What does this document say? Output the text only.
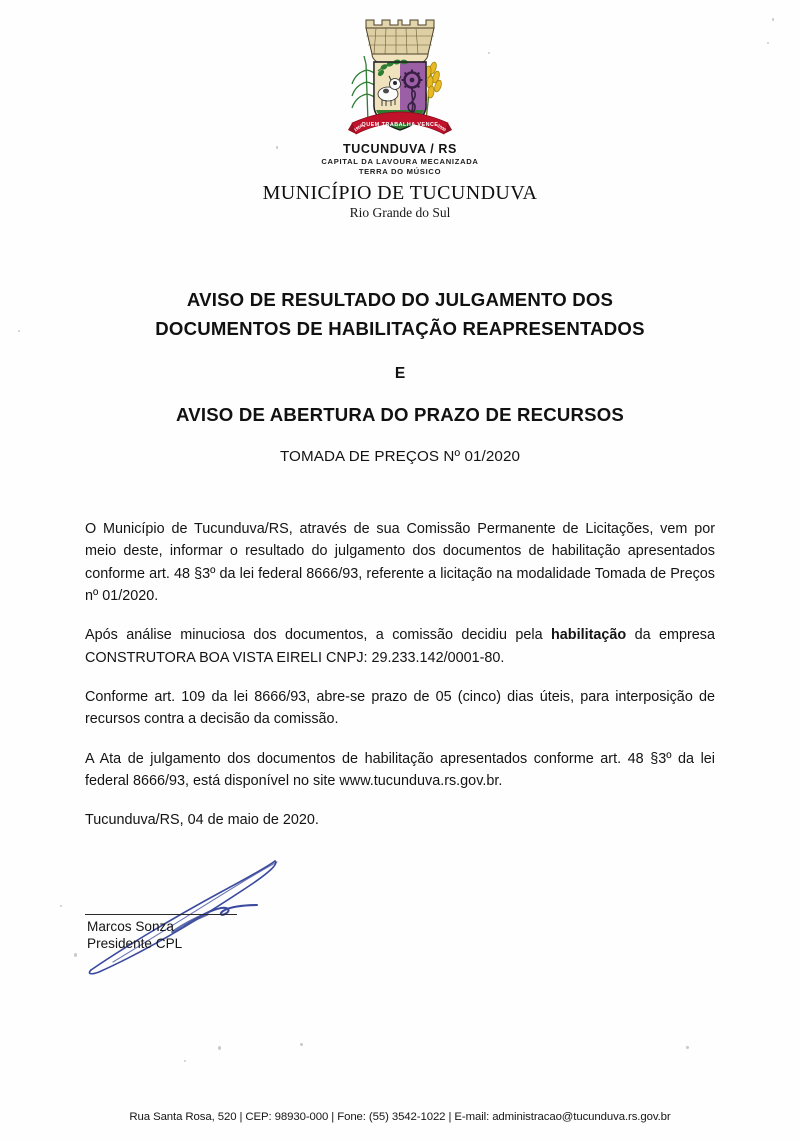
QUEM TRABALHA VENCE
1954	2000
TUCUNDUVA / RS
CAPITAL DA LAVOURA MECANIZADA
TERRA DO MÚSICO
MUNICÍPIO DE TUCUNDUVA
Rio Grande do Sul
AVISO DE RESULTADO DO JULGAMENTO DOS
DOCUMENTOS DE HABILITAÇÃO REAPRESENTADOS
E
AVISO DE ABERTURA DO PRAZO DE RECURSOS
TOMADA DE PREÇOS Nº 01/2020

O Município de Tucunduva/RS, através de sua Comissão Permanente de Licitações, vem por meio deste, informar o resultado do julgamento dos documentos de habilitação apresentados conforme art. 48 §3º da lei federal 8666/93, referente a licitação na modalidade Tomada de Preços nº 01/2020.

Após análise minuciosa dos documentos, a comissão decidiu pela habilitação da empresa CONSTRUTORA BOA VISTA EIRELI CNPJ: 29.233.142/0001-80.

Conforme art. 109 da lei 8666/93, abre-se prazo de 05 (cinco) dias úteis, para interposição de recursos contra a decisão da comissão.

A Ata de julgamento dos documentos de habilitação apresentados conforme art. 48 §3º da lei federal 8666/93, está disponível no site www.tucunduva.rs.gov.br.

Tucunduva/RS, 04 de maio de 2020.

Marcos Sonza
Presidente CPL
Rua Santa Rosa, 520 | CEP: 98930-000 | Fone: (55) 3542-1022 | E-mail: administracao@tucunduva.rs.gov.br
